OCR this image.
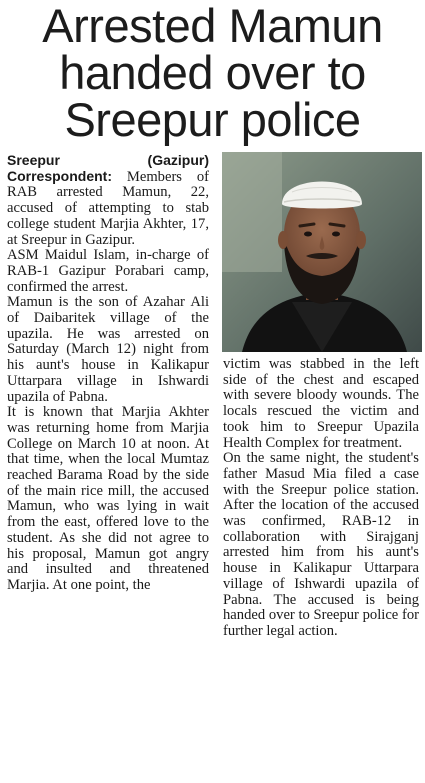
Arrested Mamun
handed over to
Sreepur police
Sreepur	(Gazipur)

Correspondent: Members of RAB arrested Mamun, 22, accused of attempting to stab college student Marjia Akhter, 17, at Sreepur in Gazipur.

ASM Maidul Islam, in-charge of RAB-1 Gazipur Porabari camp, confirmed the arrest.

Mamun is the son of Azahar Ali of Daibaritek village of the upazila. He was arrested on Saturday (March 12) night from his aunt's house in Kalikapur Uttarpara village in Ishwardi upazila of Pabna.

It is known that Marjia Akhter was returning home from Marjia College on March 10 at noon. At that time, when the local Mumtaz reached Barama Road by the side of the main rice mill, the accused Mamun, who was lying in wait from the east, offered love to the student. As she did not agree to his proposal, Mamun got angry and insulted and threatened Marjia. At one point, the

victim was stabbed in the left side of the chest and escaped with severe bloody wounds. The locals rescued the victim and took him to Sreepur Upazila Health Complex for treatment.

On the same night, the student's father Masud Mia filed a case with the Sreepur police station. After the location of the accused was confirmed, RAB-12 in collaboration with Sirajganj arrested him from his aunt's house in Kalikapur Uttarpara village of Ishwardi upazila of Pabna. The accused is being handed over to Sreepur police for further legal action.
